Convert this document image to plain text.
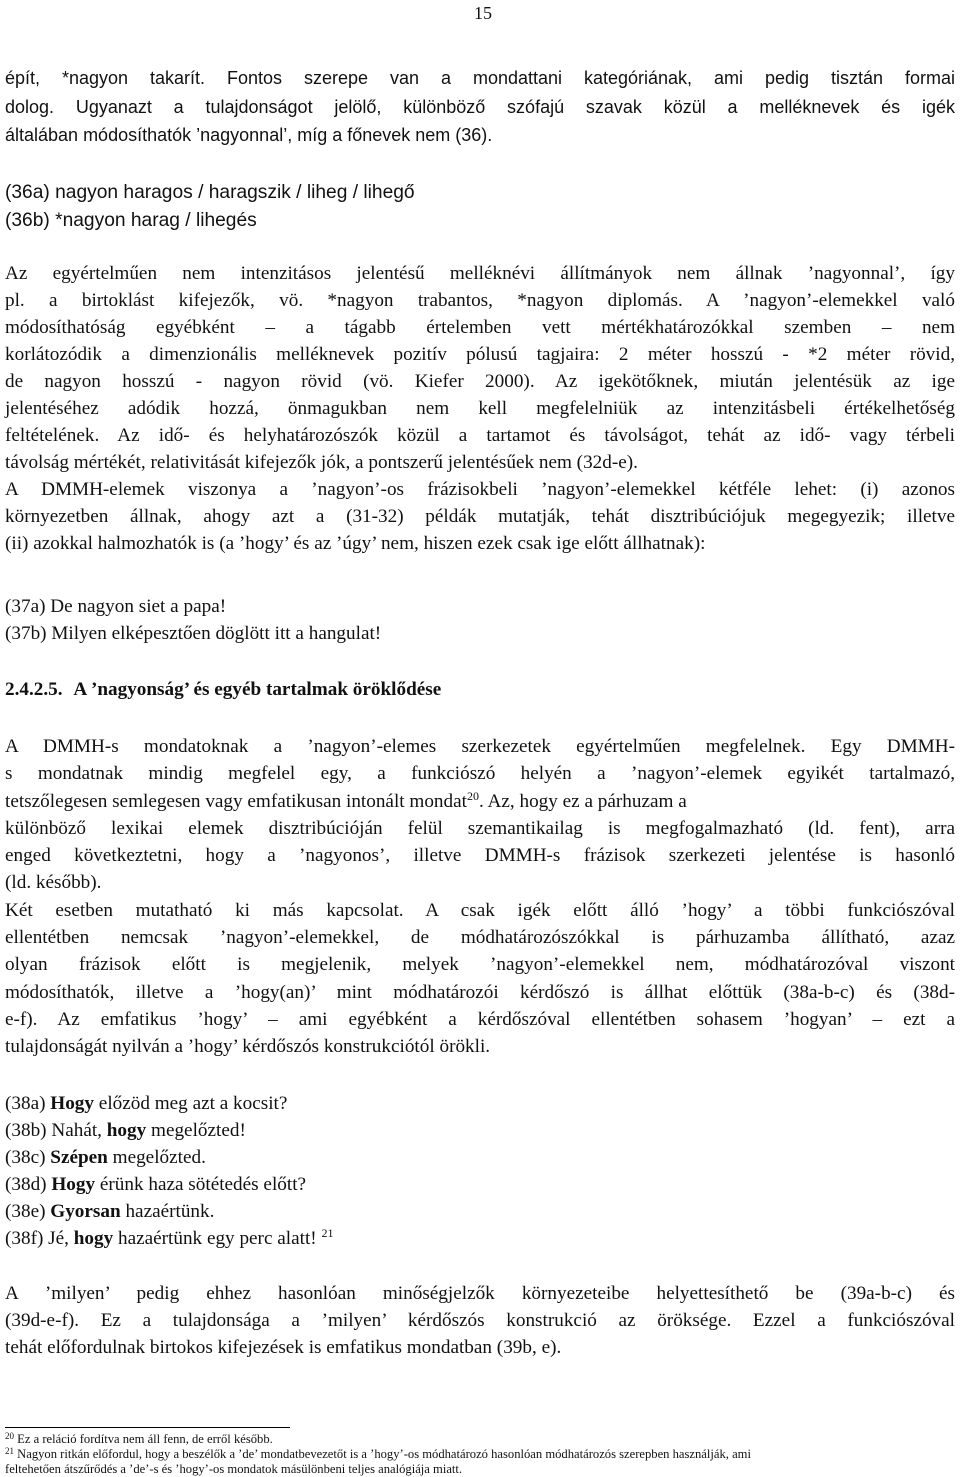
15
épít, *nagyon takarít. Fontos szerepe van a mondattani kategóriának, ami pedig tisztán formai
dolog. Ugyanazt a tulajdonságot jelölő, különböző szófajú szavak közül a melléknevek és igék
általában módosíthatók ’nagyonnal’, míg a főnevek nem (36).
(36a) nagyon haragos / haragszik / liheg / lihegő
(36b) *nagyon harag / lihegés
Az egyértelműen nem intenzitásos jelentésű melléknévi állítmányok nem állnak ’nagyonnal’, így
pl. a birtoklást kifejezők, vö. *nagyon trabantos, *nagyon diplomás. A ’nagyon’-elemekkel való
módosíthatóság egyébként – a tágabb értelemben vett mértékhatározókkal szemben – nem
korlátozódik a dimenzionális melléknevek pozitív pólusú tagjaira: 2 méter hosszú - *2 méter rövid,
de nagyon hosszú - nagyon rövid (vö. Kiefer 2000). Az igekötőknek, miután jelentésük az ige
jelentéséhez adódik hozzá, önmagukban nem kell megfelelniük az intenzitásbeli értékelhetőség
feltételének. Az idő- és helyhatározószók közül a tartamot és távolságot, tehát az idő- vagy térbeli
távolság mértékét, relativitását kifejezők jók, a pontszerű jelentésűek nem (32d-e).
A DMMH-elemek viszonya a ’nagyon’-os frázisokbeli ’nagyon’-elemekkel kétféle lehet: (i) azonos
környezetben állnak, ahogy azt a (31-32) példák mutatják, tehát disztribúciójuk megegyezik; illetve
(ii) azokkal halmozhatók is (a ’hogy’ és az ’úgy’ nem, hiszen ezek csak ige előtt állhatnak):
(37a) De nagyon siet a papa!
(37b) Milyen elképesztően döglött itt a hangulat!
2.4.2.5. A ’nagyonság’ és egyéb tartalmak öröklődése
A DMMH-s mondatoknak a ’nagyon’-elemes szerkezetek egyértelműen megfelelnek. Egy DMMH-
s mondatnak mindig megfelel egy, a funkciószó helyén a ’nagyon’-elemek egyikét tartalmazó,
tetszőlegesen semlegesen vagy emfatikusan intonált mondat$^{20}$. Az, hogy ez a párhuzam a
különböző lexikai elemek disztribúcióján felül szemantikailag is megfogalmazható (ld. fent), arra
enged következtetni, hogy a ’nagyonos’, illetve DMMH-s frázisok szerkezeti jelentése is hasonló
(ld. később).
Két esetben mutatható ki más kapcsolat. A csak igék előtt álló ’hogy’ a többi funkciószóval
ellentétben nemcsak ’nagyon’-elemekkel, de módhatározószókkal is párhuzamba állítható, azaz
olyan frázisok előtt is megjelenik, melyek ’nagyon’-elemekkel nem, módhatározóval viszont
módosíthatók, illetve a ’hogy(an)’ mint módhatározói kérdőszó is állhat előttük (38a-b-c) és (38d-
e-f). Az emfatikus ’hogy’ – ami egyébként a kérdőszóval ellentétben sohasem ’hogyan’ – ezt a
tulajdonságát nyilván a ’hogy’ kérdőszós konstrukciótól örökli.
(38a) Hogy előzöd meg azt a kocsit?
(38b) Nahát, hogy megelőzted!
(38c) Szépen megelőzted.
(38d) Hogy érünk haza sötétedés előtt?
(38e) Gyorsan hazaértünk.
(38f) Jé, hogy hazaértünk egy perc alatt! $^{21}$
A ’milyen’ pedig ehhez hasonlóan minőségjelzők környezeteibe helyettesíthető be (39a-b-c) és
(39d-e-f). Ez a tulajdonsága a ’milyen’ kérdőszós konstrukció az öröksége. Ezzel a funkciószóval
tehát előfordulnak birtokos kifejezések is emfatikus mondatban (39b, e).
$^{20}$ Ez a reláció fordítva nem áll fenn, de erről később.
$^{21}$ Nagyon ritkán előfordul, hogy a beszélők a ’de’ mondatbevezetőt is a ’hogy’-os módhatározó hasonlóan módhatározós szerepben használják, ami
feltehetően átszűrődés a ’de’-s és ’hogy’-os mondatok másülönbeni teljes analógiája miatt.
